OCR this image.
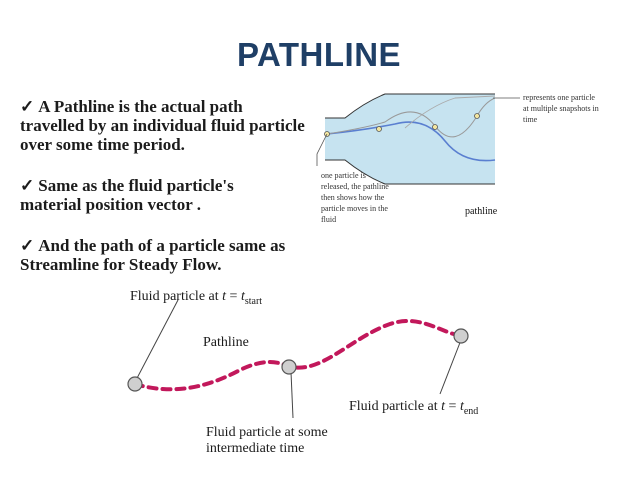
PATHLINE
✓ A Pathline is the actual path travelled by an individual fluid particle over some time period.
✓ Same as the fluid particle's material position vector .
✓ And the path of a particle same as Streamline for Steady Flow.
represents one particle at multiple snapshots in time
one particle is released, the pathline then shows how the particle moves in the fluid
pathline
Fluid particle at $t = t_{start}$
Pathline
Fluid particle at $t = t_{end}$
Fluid particle at some intermediate time
